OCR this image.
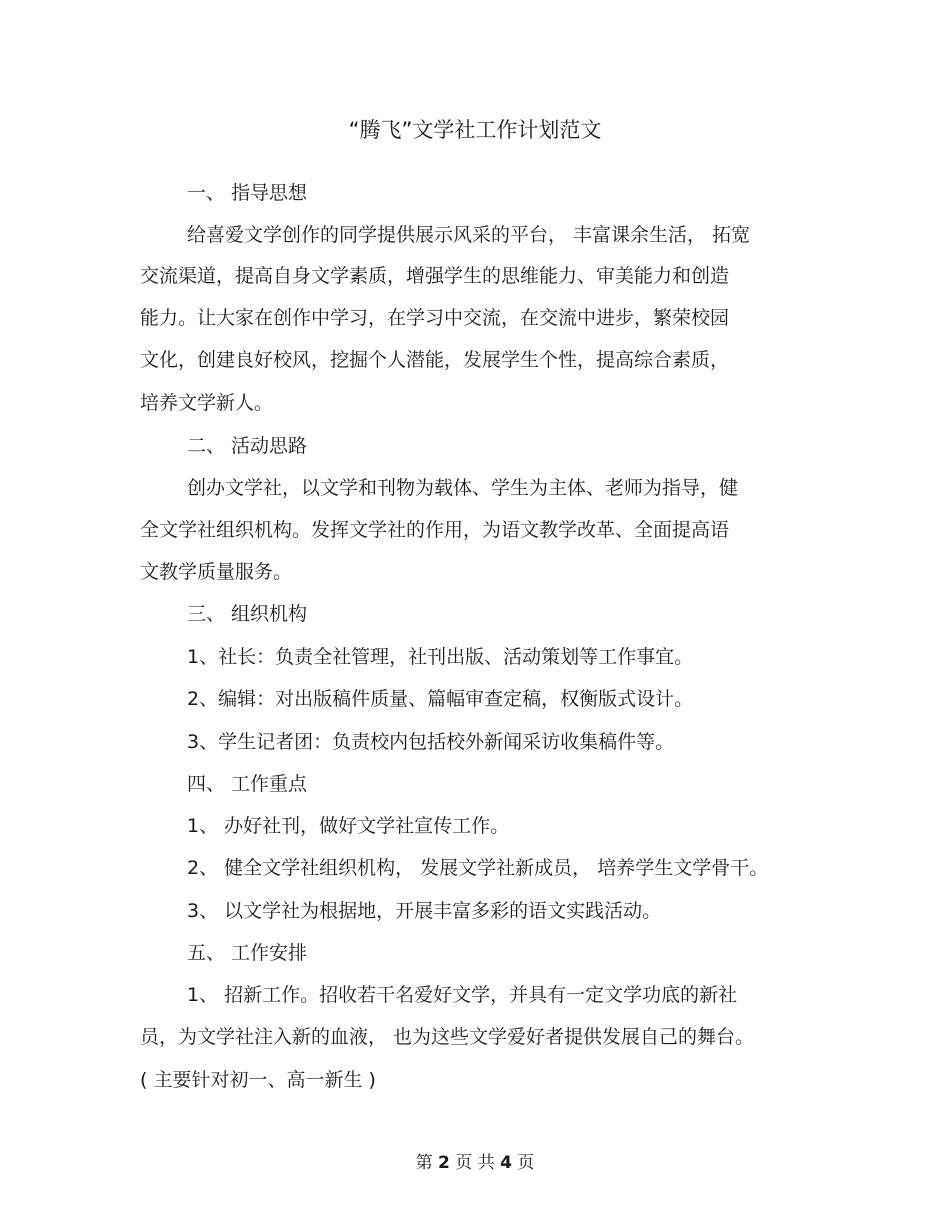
“腾飞”文学社工作计划范文
一、 指导思想
给喜爱文学创作的同学提供展示风采的平台， 丰富课余生活， 拓宽
交流渠道，提高自身文学素质，增强学生的思维能力、审美能力和创造
能力。让大家在创作中学习，在学习中交流，在交流中进步，繁荣校园
文化，创建良好校风，挖掘个人潜能，发展学生个性，提高综合素质，
培养文学新人。
二、 活动思路
创办文学社，以文学和刊物为载体、学生为主体、老师为指导，健
全文学社组织机构。发挥文学社的作用，为语文教学改革、全面提高语
文教学质量服务。
三、 组织机构
1、社长：负责全社管理，社刊出版、活动策划等工作事宜。
2、编辑：对出版稿件质量、篇幅审查定稿，权衡版式设计。
3、学生记者团：负责校内包括校外新闻采访收集稿件等。
四、 工作重点
1、 办好社刊，做好文学社宣传工作。
2、 健全文学社组织机构， 发展文学社新成员， 培养学生文学骨干。
3、 以文学社为根据地，开展丰富多彩的语文实践活动。
五、 工作安排
1、 招新工作。招收若干名爱好文学，并具有一定文学功底的新社
员，为文学社注入新的血液， 也为这些文学爱好者提供发展自己的舞台。
( 主要针对初一、高一新生 )
第 2 页 共 4 页
